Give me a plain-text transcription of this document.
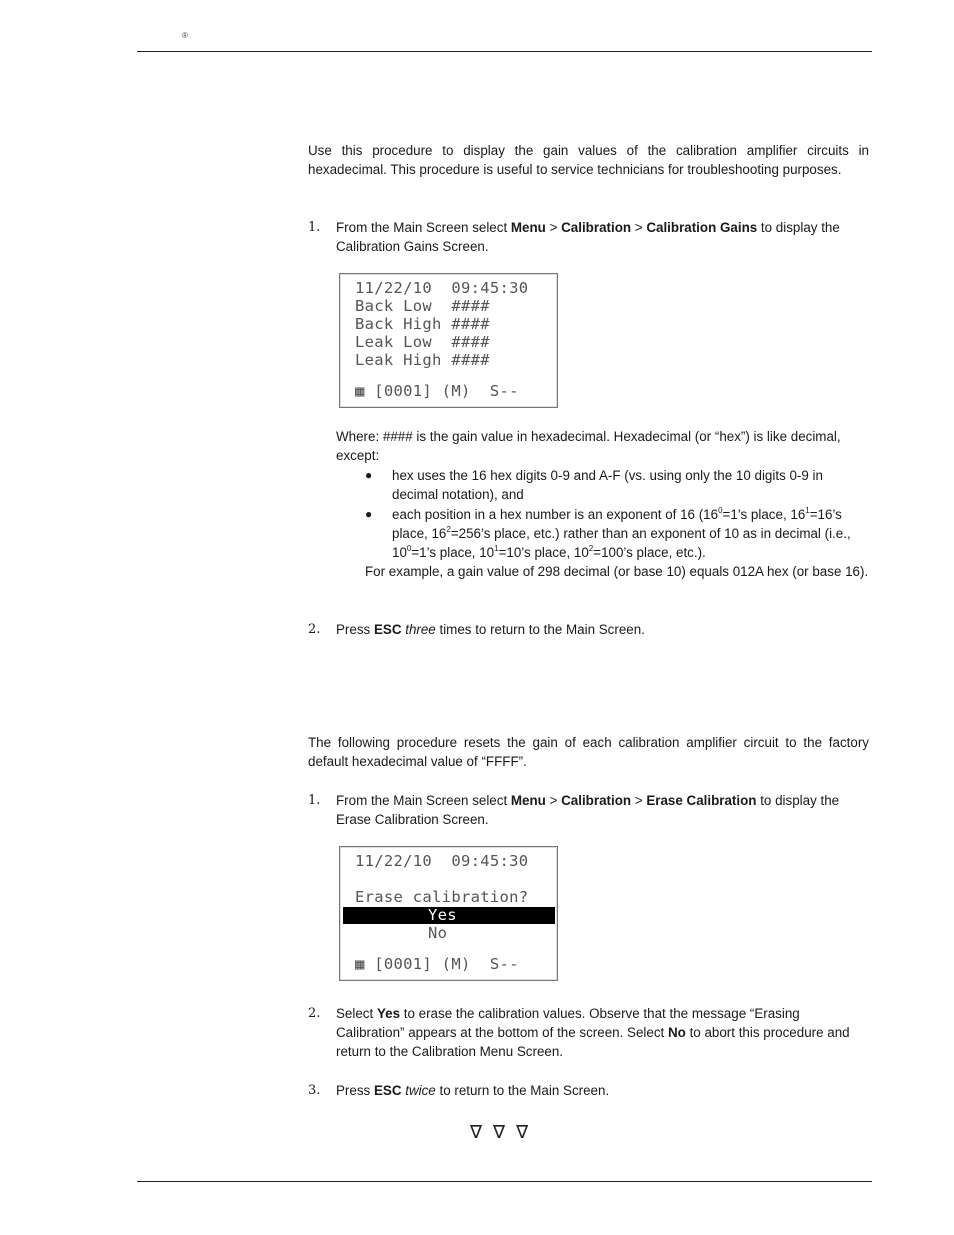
®
Use this procedure to display the gain values of the calibration amplifier circuits in hexadecimal. This procedure is useful to service technicians for troubleshooting purposes.
1. From the Main Screen select Menu > Calibration > Calibration Gains to display the Calibration Gains Screen.
11/22/10  09:45:30
Back Low  ####
Back High ####
Leak Low  ####
Leak High ####
▦ [0001] (M)  S--
Where: #### is the gain value in hexadecimal. Hexadecimal (or “hex”) is like decimal, except:
● hex uses the 16 hex digits 0-9 and A-F (vs. using only the 10 digits 0-9 in decimal notation), and
● each position in a hex number is an exponent of 16 ($16^0=1’s$ place, $16^1=16’s$ place, $16^2=256’s$ place, etc.) rather than an exponent of 10 as in decimal (i.e., $10^0=1’s$ place, $10^1=10’s$ place, $10^2=100’s$ place, etc.).
For example, a gain value of 298 decimal (or base 10) equals 012A hex (or base 16).
2. Press ESC three times to return to the Main Screen.
The following procedure resets the gain of each calibration amplifier circuit to the factory default hexadecimal value of “FFFF”.
1. From the Main Screen select Menu > Calibration > Erase Calibration to display the Erase Calibration Screen.
11/22/10  09:45:30
Erase calibration?
Yes
No
▦ [0001] (M)  S--
2. Select Yes to erase the calibration values. Observe that the message “Erasing Calibration” appears at the bottom of the screen. Select No to abort this procedure and return to the Calibration Menu Screen.
3. Press ESC twice to return to the Main Screen.
∇∇∇
